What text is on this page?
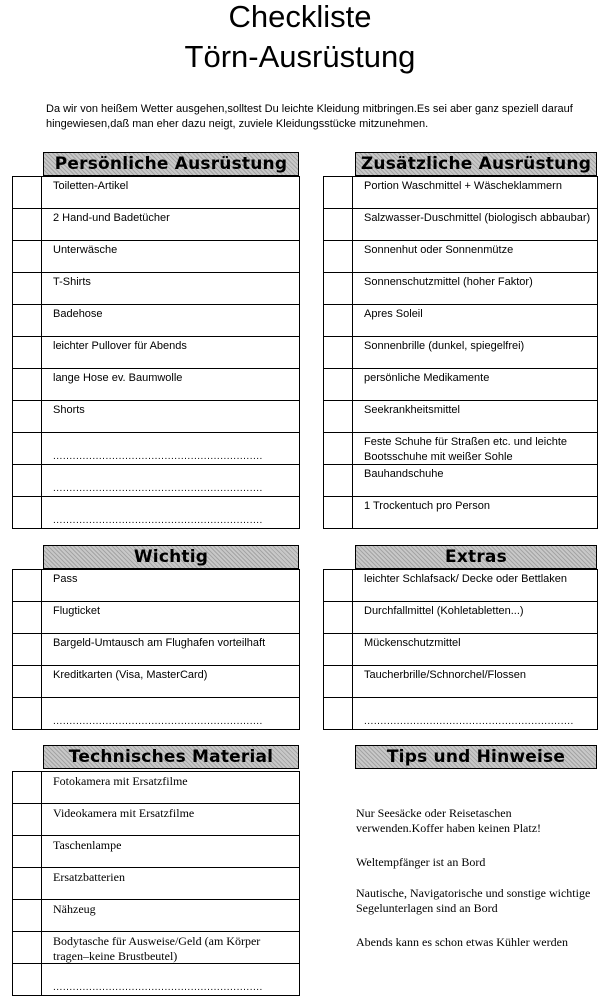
Checkliste
Törn-Ausrüstung
Da wir von heißem Wetter ausgehen,solltest Du leichte Kleidung mitbringen.Es sei aber ganz speziell darauf hingewiesen,daß man eher dazu neigt, zuviele Kleidungsstücke mitzunehmen.
Persönliche Ausrüstung
Toiletten-Artikel
2 Hand-und Badetücher
Unterwäsche
T-Shirts
Badehose
leichter Pullover für Abends
lange Hose ev. Baumwolle
Shorts
................................................................
................................................................
................................................................
Zusätzliche Ausrüstung
Portion Waschmittel + Wäscheklammern
Salzwasser-Duschmittel (biologisch abbaubar)
Sonnenhut oder Sonnenmütze
Sonnenschutzmittel (hoher Faktor)
Apres Soleil
Sonnenbrille (dunkel, spiegelfrei)
persönliche Medikamente
Seekrankheitsmittel
Feste Schuhe für Straßen etc. und leichte Bootsschuhe mit weißer Sohle
Bauhandschuhe
1 Trockentuch pro Person
Wichtig
Pass
Flugticket
Bargeld-Umtausch am Flughafen vorteilhaft
Kreditkarten (Visa, MasterCard)
................................................................
Extras
leichter Schlafsack/ Decke oder Bettlaken
Durchfallmittel (Kohletabletten...)
Mückenschutzmittel
Taucherbrille/Schnorchel/Flossen
................................................................
Technisches Material
Fotokamera mit Ersatzfilme
Videokamera mit Ersatzfilme
Taschenlampe
Ersatzbatterien
Nähzeug
Bodytasche für Ausweise/Geld (am Körper tragen–keine Brustbeutel)
................................................................
Tips und Hinweise
Nur Seesäcke oder Reisetaschen verwenden.Koffer haben keinen Platz!
Weltempfänger ist an Bord
Nautische, Navigatorische und sonstige wichtige Segelunterlagen sind an Bord
Abends kann es schon etwas Kühler werden
